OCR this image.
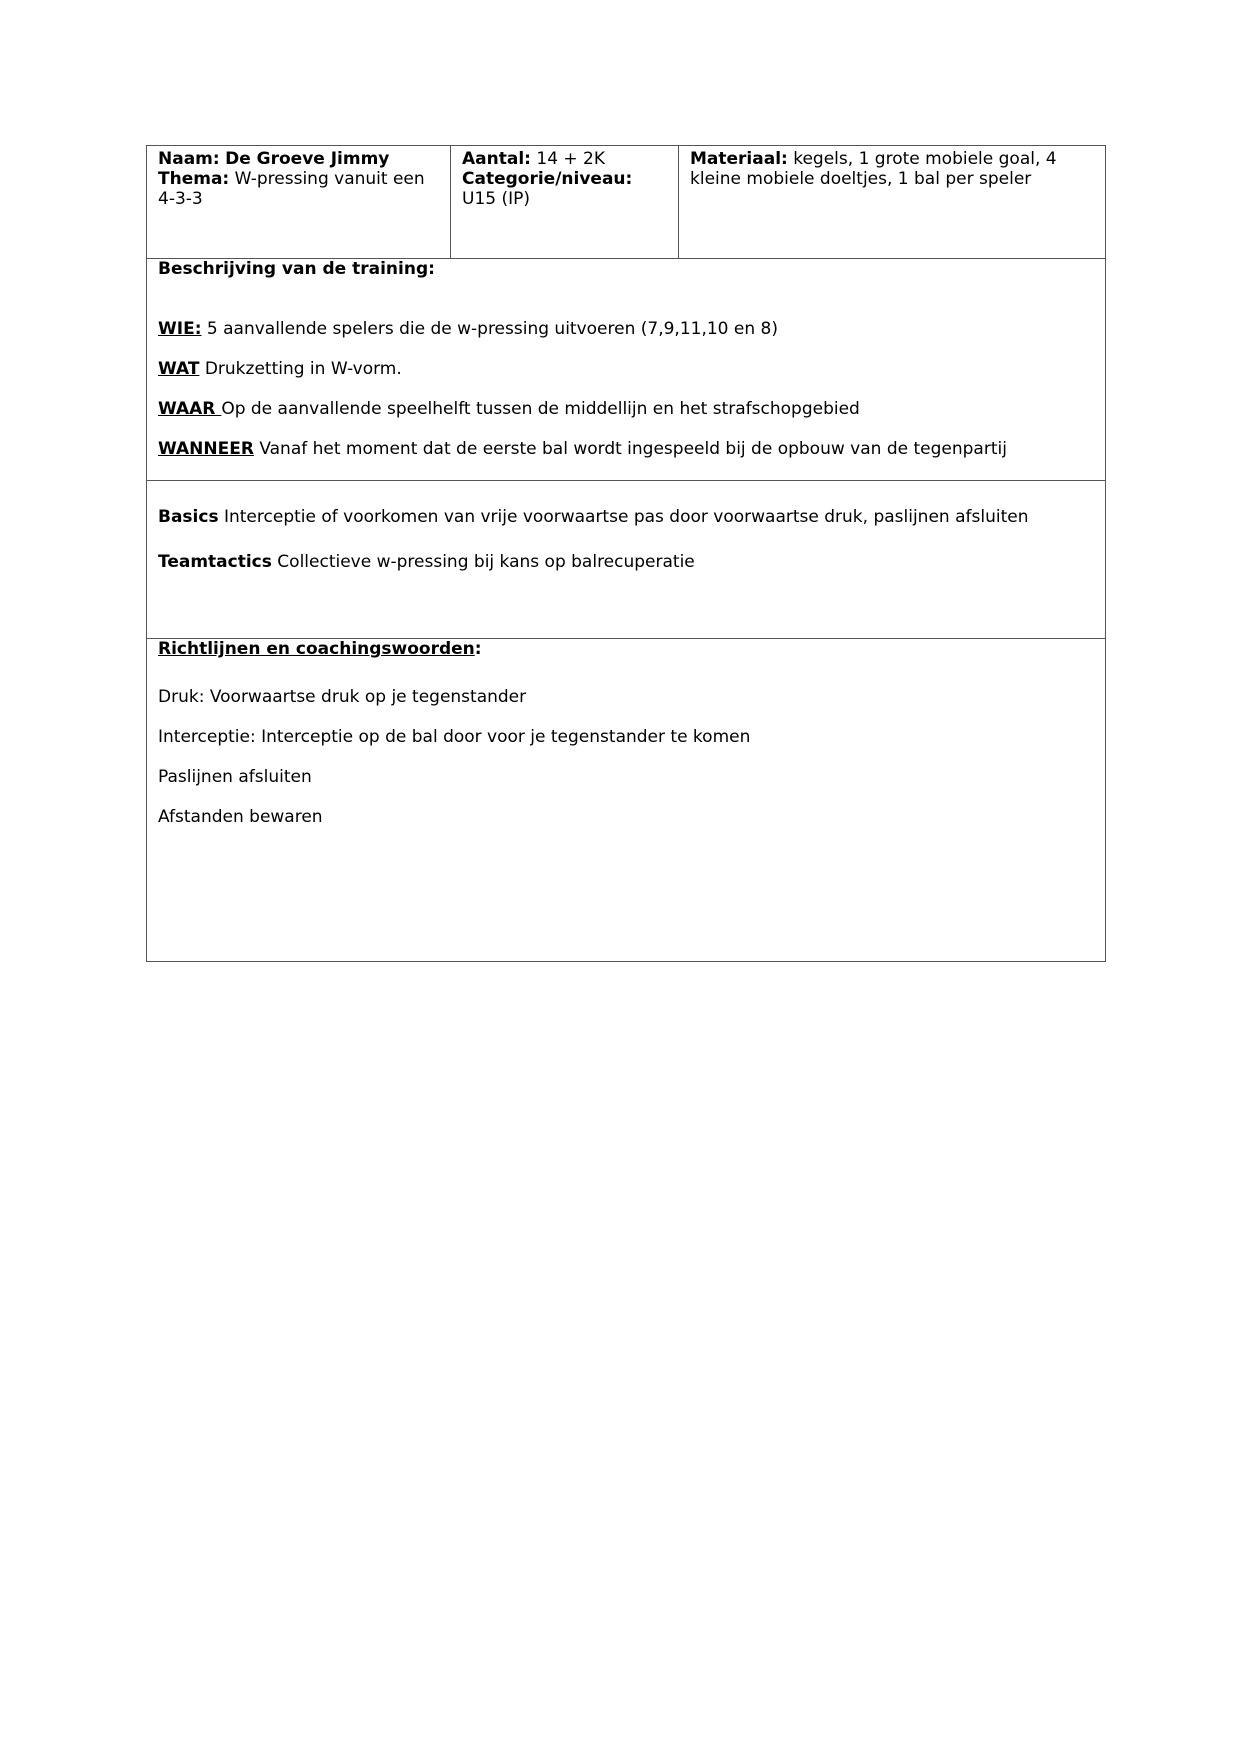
Naam: De Groeve Jimmy
Thema: W-pressing vanuit een 4-3-3
Aantal: 14 + 2K
Categorie/niveau:
U15 (IP)
Materiaal: kegels, 1 grote mobiele goal, 4 kleine mobiele doeltjes, 1 bal per speler

Beschrijving van de training:

WIE: 5 aanvallende spelers die de w-pressing uitvoeren (7,9,11,10 en 8)

WAT Drukzetting in W-vorm.

WAAR Op de aanvallende speelhelft tussen de middellijn en het strafschopgebied

WANNEER Vanaf het moment dat de eerste bal wordt ingespeeld bij de opbouw van de tegenpartij

Basics Interceptie of voorkomen van vrije voorwaartse pas door voorwaartse druk, paslijnen afsluiten

Teamtactics Collectieve w-pressing bij kans op balrecuperatie

Richtlijnen en coachingswoorden:

Druk: Voorwaartse druk op je tegenstander

Interceptie: Interceptie op de bal door voor je tegenstander te komen

Paslijnen afsluiten

Afstanden bewaren
